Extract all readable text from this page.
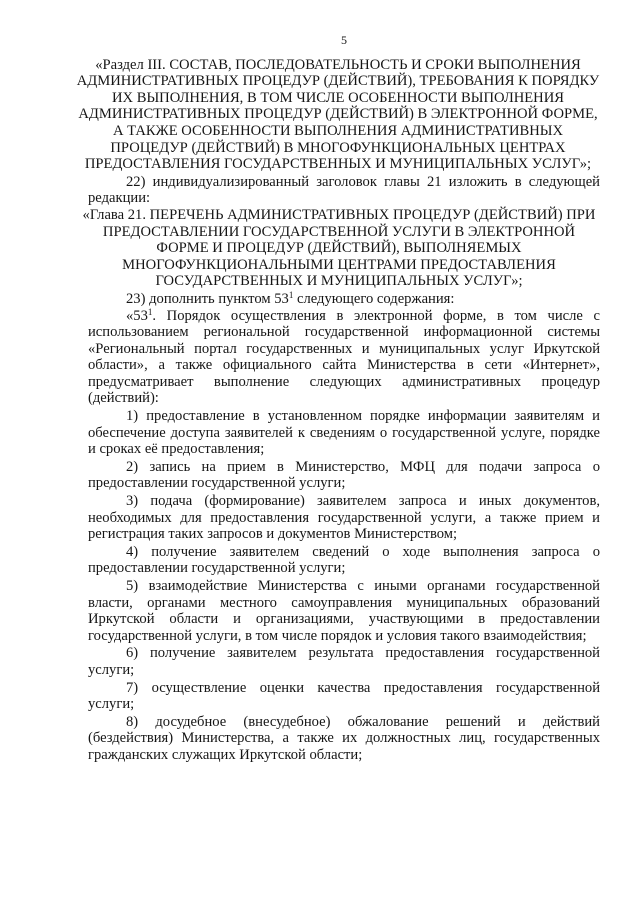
5
«Раздел III. СОСТАВ, ПОСЛЕДОВАТЕЛЬНОСТЬ И СРОКИ ВЫПОЛНЕНИЯ АДМИНИСТРАТИВНЫХ ПРОЦЕДУР (ДЕЙСТВИЙ), ТРЕБОВАНИЯ К ПОРЯДКУ ИХ ВЫПОЛНЕНИЯ, В ТОМ ЧИСЛЕ ОСОБЕННОСТИ ВЫПОЛНЕНИЯ АДМИНИСТРАТИВНЫХ ПРОЦЕДУР (ДЕЙСТВИЙ) В ЭЛЕКТРОННОЙ ФОРМЕ, А ТАКЖЕ ОСОБЕННОСТИ ВЫПОЛНЕНИЯ АДМИНИСТРАТИВНЫХ ПРОЦЕДУР (ДЕЙСТВИЙ) В МНОГОФУНКЦИОНАЛЬНЫХ ЦЕНТРАХ ПРЕДОСТАВЛЕНИЯ ГОСУДАРСТВЕННЫХ И МУНИЦИПАЛЬНЫХ УСЛУГ»;

22) индивидуализированный заголовок главы 21 изложить в следующей редакции:

«Глава 21. ПЕРЕЧЕНЬ АДМИНИСТРАТИВНЫХ ПРОЦЕДУР (ДЕЙСТВИЙ) ПРИ ПРЕДОСТАВЛЕНИИ ГОСУДАРСТВЕННОЙ УСЛУГИ В ЭЛЕКТРОННОЙ ФОРМЕ И ПРОЦЕДУР (ДЕЙСТВИЙ), ВЫПОЛНЯЕМЫХ МНОГОФУНКЦИОНАЛЬНЫМИ ЦЕНТРАМИ ПРЕДОСТАВЛЕНИЯ ГОСУДАРСТВЕННЫХ И МУНИЦИПАЛЬНЫХ УСЛУГ»;

23) дополнить пунктом $53^1$ следующего содержания:

«$53^1$. Порядок осуществления в электронной форме, в том числе с использованием региональной государственной информационной системы «Региональный портал государственных и муниципальных услуг Иркутской области», а также официального сайта Министерства в сети «Интернет», предусматривает выполнение следующих административных процедур (действий):

1) предоставление в установленном порядке информации заявителям и обеспечение доступа заявителей к сведениям о государственной услуге, порядке и сроках её предоставления;

2) запись на прием в Министерство, МФЦ для подачи запроса о предоставлении государственной услуги;

3) подача (формирование) заявителем запроса и иных документов, необходимых для предоставления государственной услуги, а также прием и регистрация таких запросов и документов Министерством;

4) получение заявителем сведений о ходе выполнения запроса о предоставлении государственной услуги;

5) взаимодействие Министерства с иными органами государственной власти, органами местного самоуправления муниципальных образований Иркутской области и организациями, участвующими в предоставлении государственной услуги, в том числе порядок и условия такого взаимодействия;

6) получение заявителем результата предоставления государственной услуги;

7) осуществление оценки качества предоставления государственной услуги;

8) досудебное (внесудебное) обжалование решений и действий (бездействия) Министерства, а также их должностных лиц, государственных гражданских служащих Иркутской области;
